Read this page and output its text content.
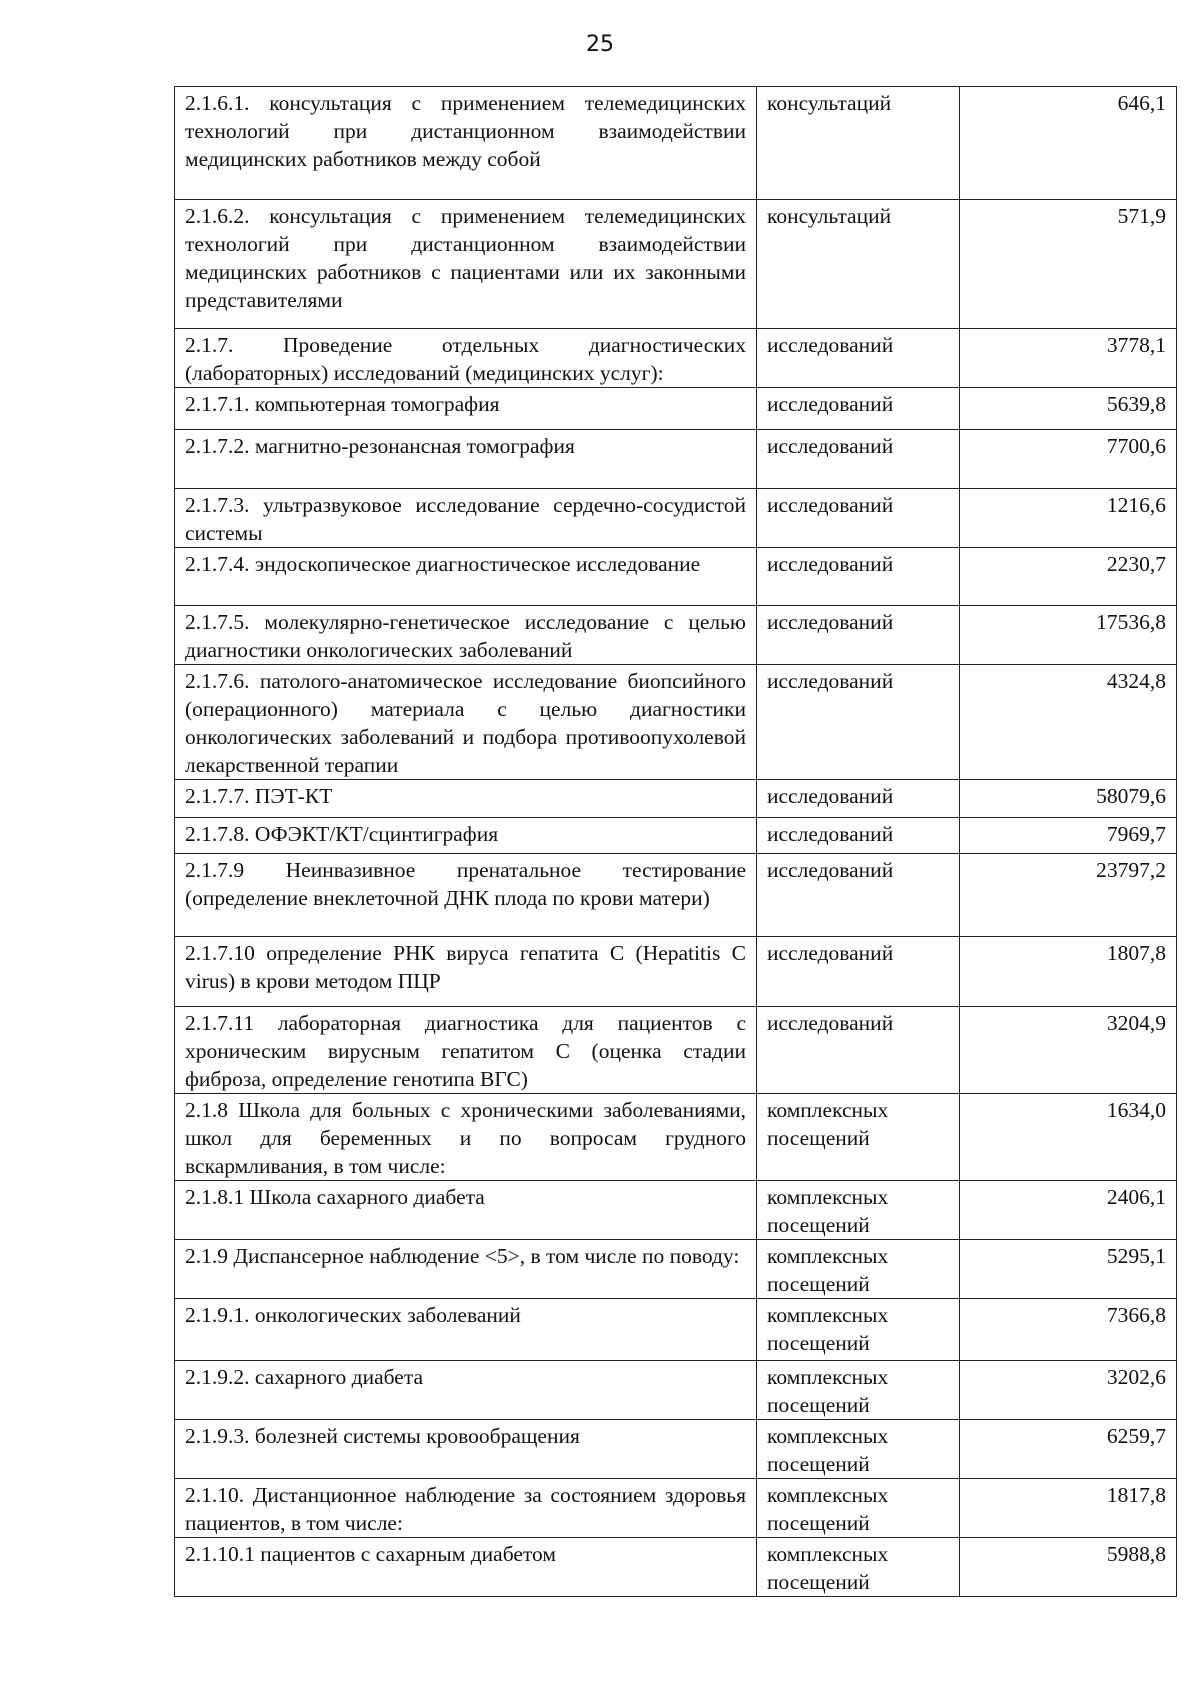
25
2.1.6.1. консультация с применением телемедицинских технологий при дистанционном взаимодействии медицинских работников между собой	консультаций	646,1
2.1.6.2. консультация с применением телемедицинских технологий при дистанционном взаимодействии медицинских работников с пациентами или их законными представителями	консультаций	571,9
2.1.7. Проведение отдельных диагностических (лабораторных) исследований (медицинских услуг):	исследований	3778,1
2.1.7.1. компьютерная томография	исследований	5639,8
2.1.7.2. магнитно-резонансная томография	исследований	7700,6
2.1.7.3. ультразвуковое исследование сердечно-сосудистой системы	исследований	1216,6
2.1.7.4. эндоскопическое диагностическое исследование	исследований	2230,7
2.1.7.5. молекулярно-генетическое исследование с целью диагностики онкологических заболеваний	исследований	17536,8
2.1.7.6. патолого-анатомическое исследование биопсийного (операционного) материала с целью диагностики онкологических заболеваний и подбора противоопухолевой лекарственной терапии	исследований	4324,8
2.1.7.7. ПЭТ-КТ	исследований	58079,6
2.1.7.8. ОФЭКТ/КТ/сцинтиграфия	исследований	7969,7
2.1.7.9 Неинвазивное пренатальное тестирование (определение внеклеточной ДНК плода по крови матери)	исследований	23797,2
2.1.7.10 определение РНК вируса гепатита С (Hepatitis C virus) в крови методом ПЦР	исследований	1807,8
2.1.7.11 лабораторная диагностика для пациентов с хроническим вирусным гепатитом С (оценка стадии фиброза, определение генотипа ВГС)	исследований	3204,9
2.1.8 Школа для больных с хроническими заболеваниями, школ для беременных и по вопросам грудного вскармливания, в том числе:	комплексных посещений	1634,0
2.1.8.1 Школа сахарного диабета	комплексных посещений	2406,1
2.1.9 Диспансерное наблюдение <5>, в том числе по поводу:	комплексных посещений	5295,1
2.1.9.1. онкологических заболеваний	комплексных посещений	7366,8
2.1.9.2. сахарного диабета	комплексных посещений	3202,6
2.1.9.3. болезней системы кровообращения	комплексных посещений	6259,7
2.1.10. Дистанционное наблюдение за состоянием здоровья пациентов, в том числе:	комплексных посещений	1817,8
2.1.10.1 пациентов с сахарным диабетом	комплексных посещений	5988,8
